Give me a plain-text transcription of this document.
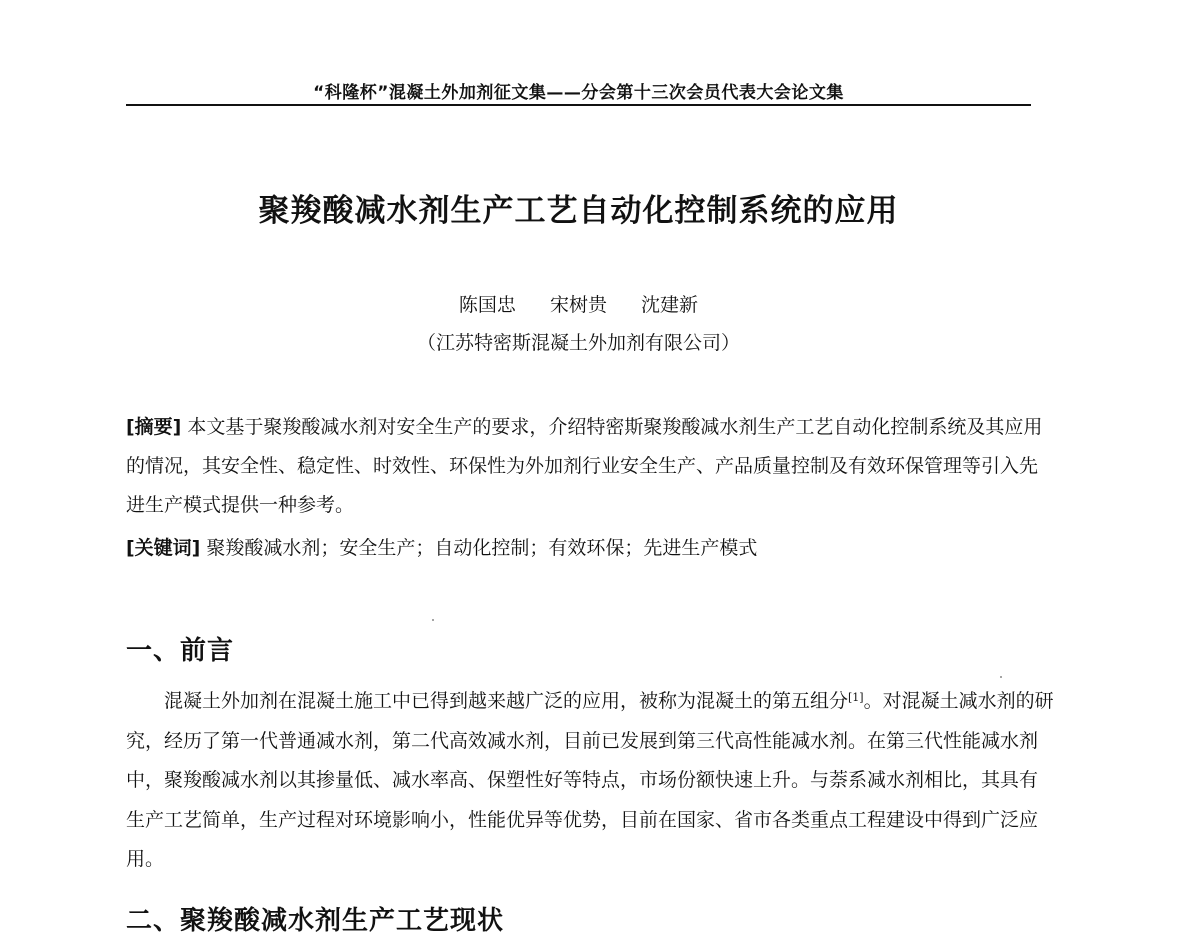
“科隆杯”混凝土外加剂征文集——分会第十三次会员代表大会论文集
聚羧酸减水剂生产工艺自动化控制系统的应用
陈国忠 宋树贵 沈建新
（江苏特密斯混凝土外加剂有限公司）
[摘要] 本文基于聚羧酸减水剂对安全生产的要求，介绍特密斯聚羧酸减水剂生产工艺自动化控制系统及其应用的情况，其安全性、稳定性、时效性、环保性为外加剂行业安全生产、产品质量控制及有效环保管理等引入先进生产模式提供一种参考。
[关键词] 聚羧酸减水剂；安全生产；自动化控制；有效环保；先进生产模式
一、前言
混凝土外加剂在混凝土施工中已得到越来越广泛的应用，被称为混凝土的第五组分[1]。对混凝土减水剂的研究，经历了第一代普通减水剂，第二代高效减水剂，目前已发展到第三代高性能减水剂。在第三代性能减水剂中，聚羧酸减水剂以其掺量低、减水率高、保塑性好等特点，市场份额快速上升。与萘系减水剂相比，其具有生产工艺简单，生产过程对环境影响小，性能优异等优势，目前在国家、省市各类重点工程建设中得到广泛应用。
二、聚羧酸减水剂生产工艺现状
